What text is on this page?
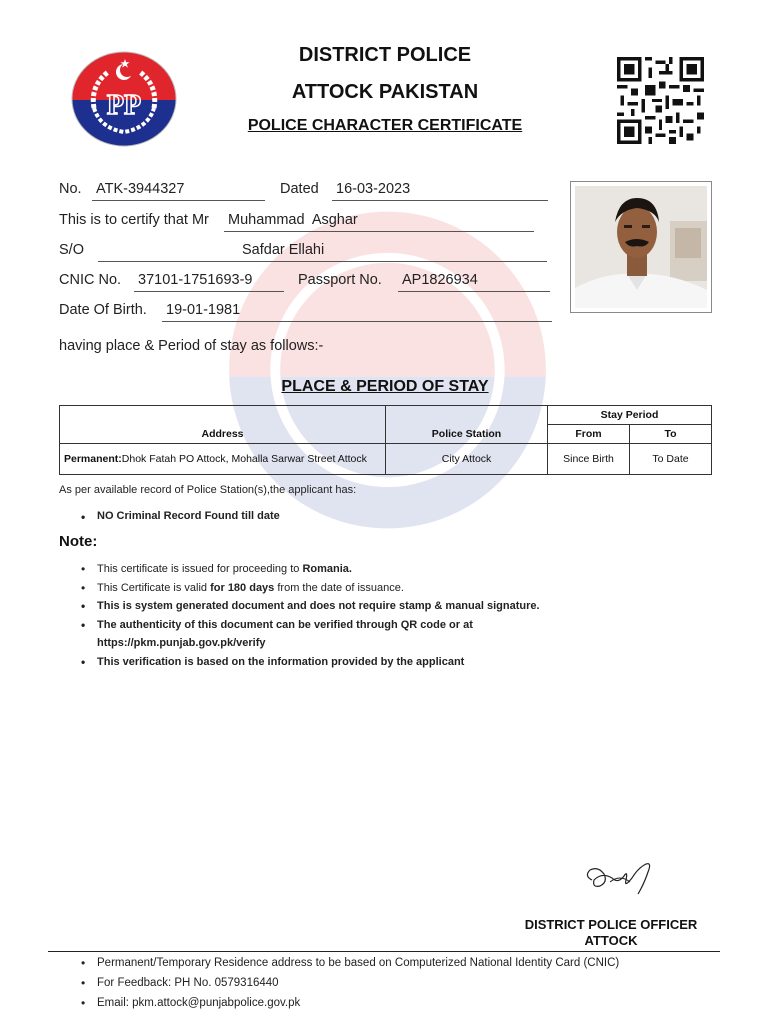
PP
DISTRICT POLICE
ATTOCK PAKISTAN
POLICE CHARACTER CERTIFICATE
No. ATK-3944327	Dated 16-03-2023
This is to certify that Mr Muhammad  Asghar
S/O	Safdar Ellahi
CNIC No. 37101-1751693-9	Passport No. AP1826934
Date Of Birth. 19-01-1981
having place & Period of stay as follows:-
PLACE & PERIOD OF STAY
Address	Police Station	Stay Period	
		From	To
Permanent:Dhok Fatah PO Attock, Mohalla Sarwar Street Attock	City Attock	Since Birth	To Date
As per available record of Police Station(s),the applicant has:
• NO Criminal Record Found till date
Note:
• This certificate is issued for proceeding to Romania.
• This Certificate is valid for 180 days from the date of issuance.
• This is system generated document and does not require stamp & manual signature.
• The authenticity of this document can be verified through QR code or at https://pkm.punjab.gov.pk/verify
• This verification is based on the information provided by the applicant
DISTRICT POLICE OFFICER
ATTOCK
• Permanent/Temporary Residence address to be based on Computerized National Identity Card (CNIC)
• For Feedback: PH No. 0579316440
• Email: pkm.attock@punjabpolice.gov.pk
